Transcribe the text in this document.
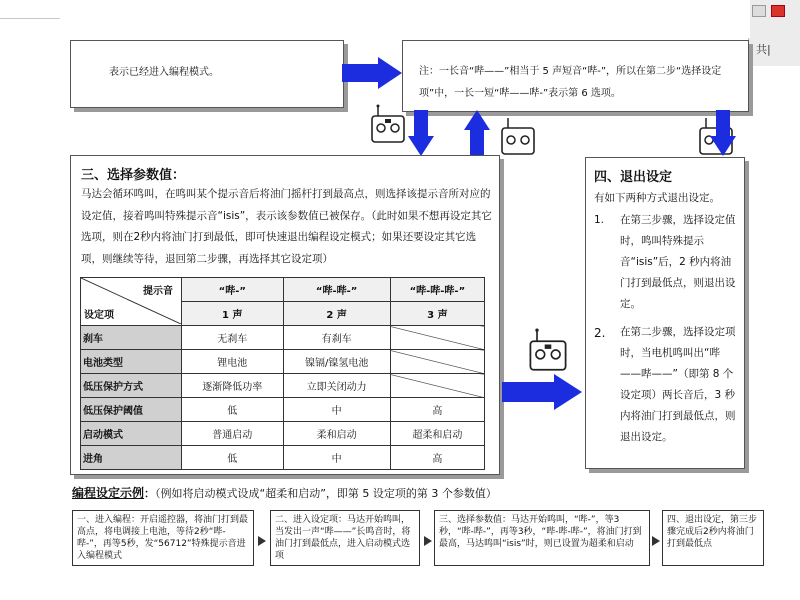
共|
表示已经进入编程模式。	注：一长音“哔——”相当于 5 声短音“哔-”，所以在第二步“选择设定项”中，一长一短“哔——哔-”表示第 6 选项。
三、选择参数值：
马达会循环鸣叫，在鸣叫某个提示音后将油门摇杆打到最高点，则选择该提示音所对应的设定值，接着鸣叫特殊提示音“isis”，表示该参数值已被保存。（此时如果不想再设定其它选项，则在2秒内将油门打到最低，即可快速退出编程设定模式；如果还要设定其它选项，则继续等待，退回第二步骤，再选择其它设定项）
提示音
设定项	“哔-”	“哔-哔-”	“哔-哔-哔-”
	1 声	2 声	3 声
刹车	无刹车	有刹车	
电池类型	锂电池	镍镉/镍氢电池	
低压保护方式	逐渐降低功率	立即关闭动力	
低压保护阈值	低	中	高
启动模式	普通启动	柔和启动	超柔和启动
进角	低	中	高
四、退出设定
有如下两种方式退出设定。
1. 在第三步骤，选择设定值时，鸣叫特殊提示音“isis”后，2 秒内将油门打到最低点，则退出设定。
2. 在第二步骤，选择设定项时，当电机鸣叫出“哔——哔——”（即第 8 个设定项）两长音后，3 秒内将油门打到最低点，则退出设定。
编程设定示例：（例如将启动模式设成“超柔和启动”，即第 5 设定项的第 3 个参数值）
一、进入编程：开启遥控器，将油门打到最高点，将电调接上电池，等待2秒“哔-哔-”，再等5秒，发“56712”特殊提示音进入编程模式
二、进入设定项：马达开始鸣叫，当发出一声“哔——”长鸣音时，将油门打到最低点，进入启动模式选项
三、选择参数值：马达开始鸣叫，“哔-”，等3秒，“哔-哔-”，再等3秒，“哔-哔-哔-”，将油门打到最高，马达鸣叫“isis”时，则已设置为超柔和启动
四、退出设定，第三步骤完成后2秒内将油门打到最低点
